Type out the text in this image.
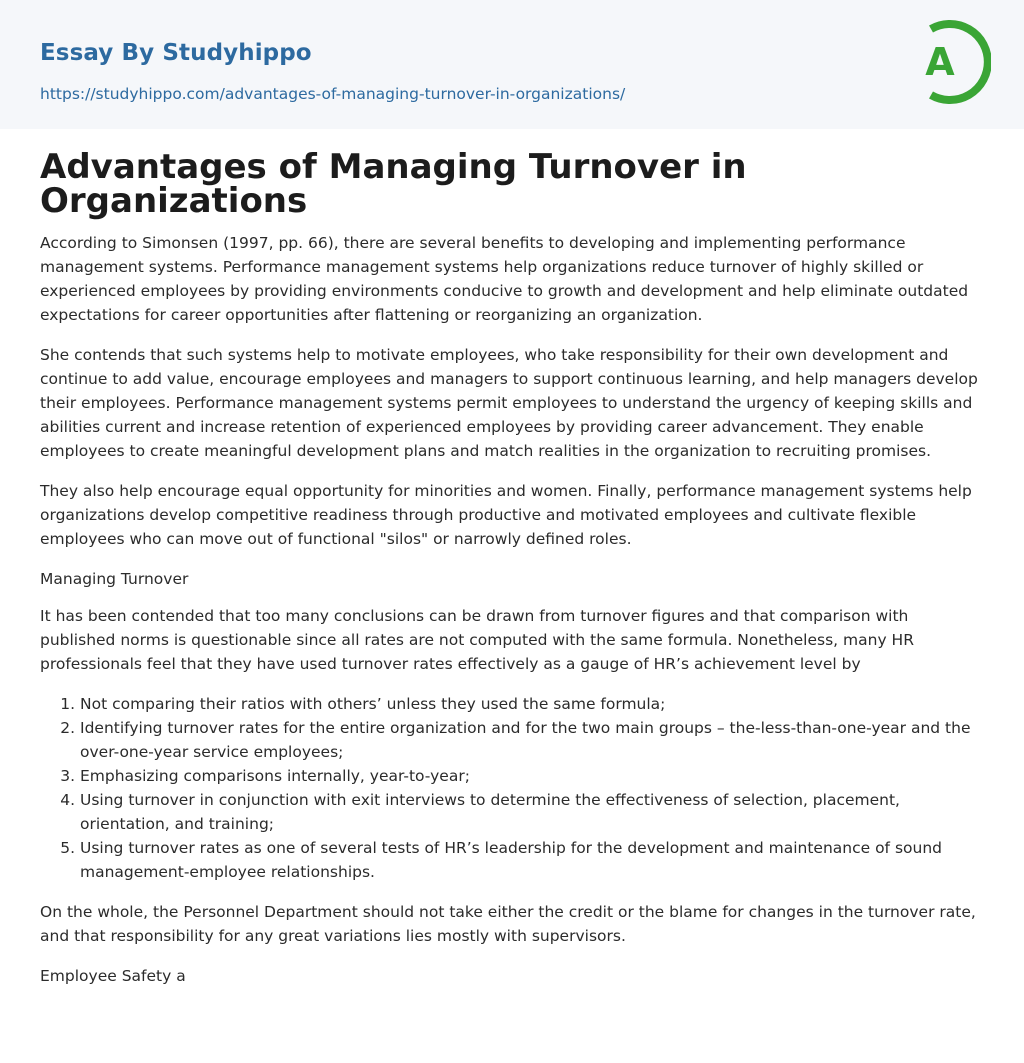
Essay By Studyhippo
https://studyhippo.com/advantages-of-managing-turnover-in-organizations/
A
Advantages of Managing Turnover in Organizations

According to Simonsen (1997, pp. 66), there are several benefits to developing and implementing performance management systems. Performance management systems help organizations reduce turnover of highly skilled or experienced employees by providing environments conducive to growth and development and help eliminate outdated expectations for career opportunities after flattening or reorganizing an organization.

She contends that such systems help to motivate employees, who take responsibility for their own development and continue to add value, encourage employees and managers to support continuous learning, and help managers develop their employees. Performance management systems permit employees to understand the urgency of keeping skills and abilities current and increase retention of experienced employees by providing career advancement. They enable employees to create meaningful development plans and match realities in the organization to recruiting promises.

They also help encourage equal opportunity for minorities and women. Finally, performance management systems help organizations develop competitive readiness through productive and motivated employees and cultivate flexible employees who can move out of functional "silos" or narrowly defined roles.

Managing Turnover

It has been contended that too many conclusions can be drawn from turnover figures and that comparison with published norms is questionable since all rates are not computed with the same formula. Nonetheless, many HR professionals feel that they have used turnover rates effectively as a gauge of HR’s achievement level by

1. Not comparing their ratios with others’ unless they used the same formula;
2. Identifying turnover rates for the entire organization and for the two main groups – the-less-than-one-year and the over-one-year service employees;
3. Emphasizing comparisons internally, year-to-year;
4. Using turnover in conjunction with exit interviews to determine the effectiveness of selection, placement, orientation, and training;
5. Using turnover rates as one of several tests of HR’s leadership for the development and maintenance of sound management-employee relationships.

On the whole, the Personnel Department should not take either the credit or the blame for changes in the turnover rate, and that responsibility for any great variations lies mostly with supervisors.

Employee Safety a
